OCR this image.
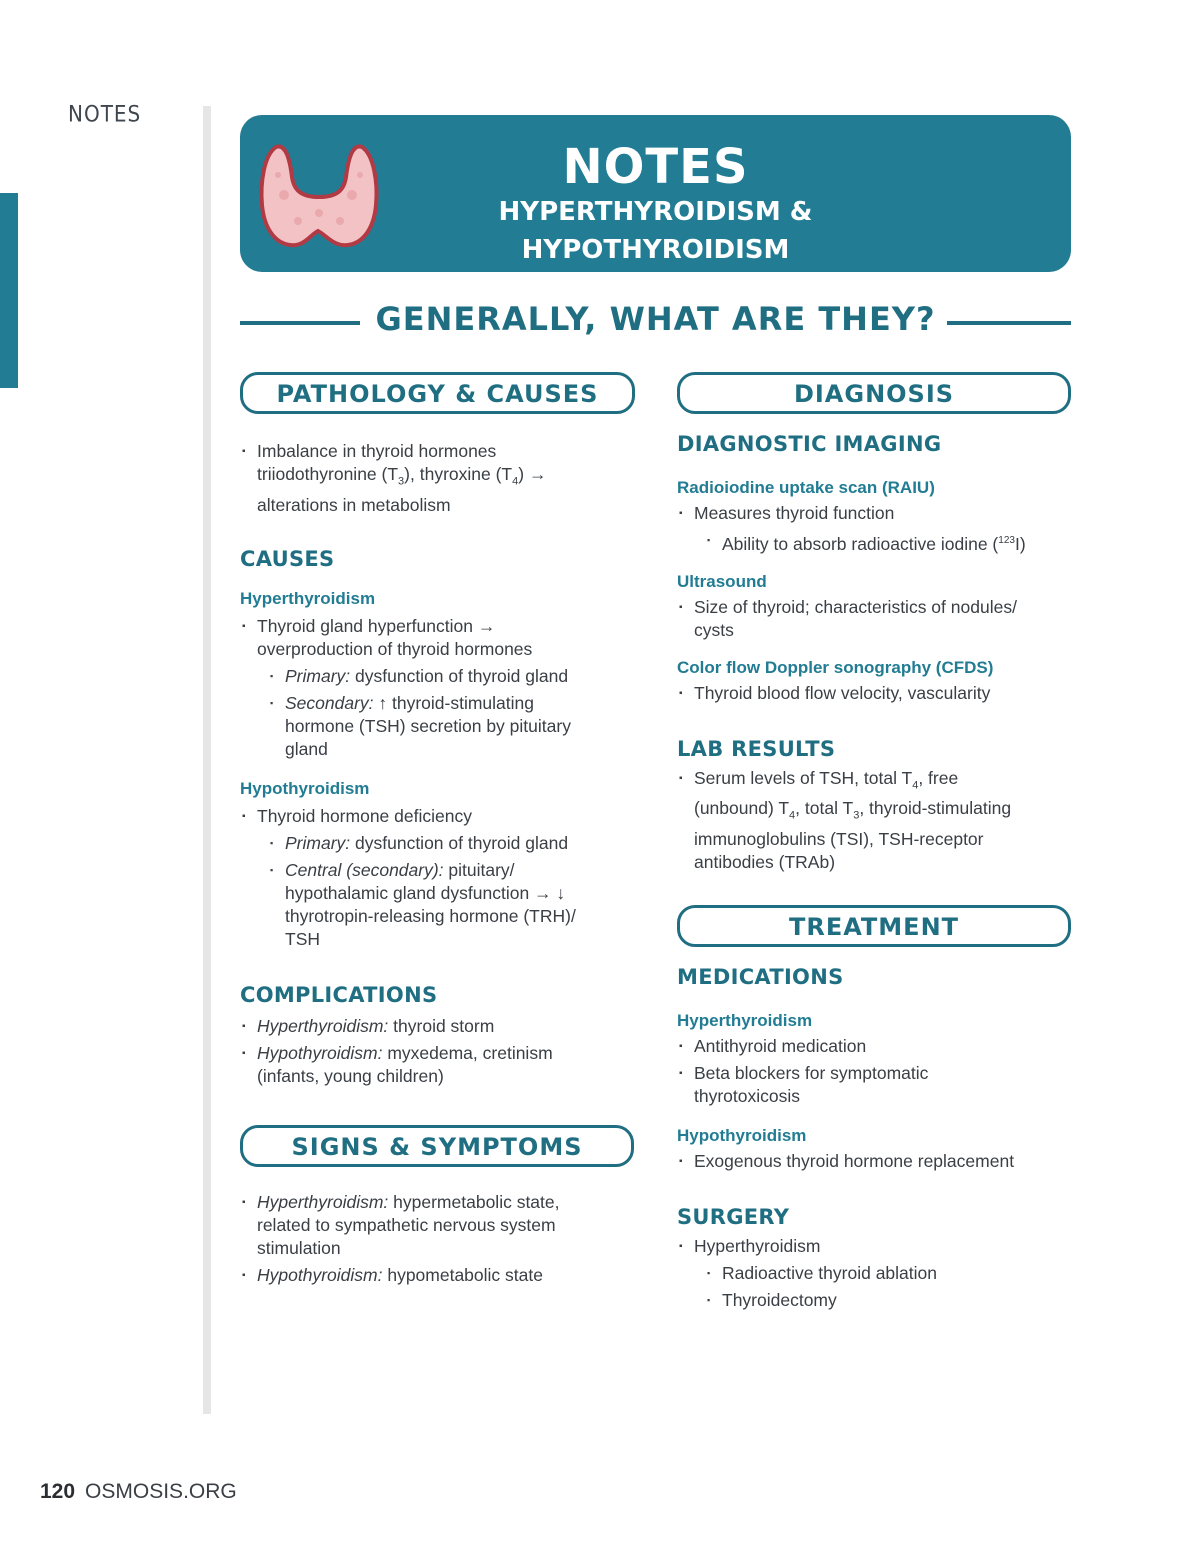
NOTES
NOTES
HYPERTHYROIDISM &
HYPOTHYROIDISM
GENERALLY, WHAT ARE THEY?
PATHOLOGY & CAUSES	DIAGNOSIS
SIGNS & SYMPTOMS
TREATMENT
▪ Imbalance in thyroid hormones
triiodothyronine $(T_3)$, thyroxine $(T_4)$ →
alterations in metabolism
CAUSES
Hyperthyroidism
▪ Thyroid gland hyperfunction →
overproduction of thyroid hormones
▪ Primary: dysfunction of thyroid gland
▪ Secondary: ↑ thyroid-stimulating
hormone (TSH) secretion by pituitary
gland
Hypothyroidism
▪ Thyroid hormone deficiency
▪ Primary: dysfunction of thyroid gland
▪ Central (secondary): pituitary/
hypothalamic gland dysfunction → ↓
thyrotropin-releasing hormone (TRH)/
TSH
COMPLICATIONS
▪ Hyperthyroidism: thyroid storm
▪ Hypothyroidism: myxedema, cretinism
(infants, young children)
▪ Hyperthyroidism: hypermetabolic state,
related to sympathetic nervous system
stimulation
▪ Hypothyroidism: hypometabolic state
DIAGNOSTIC IMAGING
Radioiodine uptake scan (RAIU)
▪ Measures thyroid function
▪ Ability to absorb radioactive iodine ($^{123}$I)
Ultrasound
▪ Size of thyroid; characteristics of nodules/
cysts
Color flow Doppler sonography (CFDS)
▪ Thyroid blood flow velocity, vascularity
LAB RESULTS
▪ Serum levels of TSH, total $T_4$, free
(unbound) $T_4$, total $T_3$, thyroid-stimulating
immunoglobulins (TSI), TSH-receptor
antibodies (TRAb)
MEDICATIONS
Hyperthyroidism
▪ Antithyroid medication
▪ Beta blockers for symptomatic
thyrotoxicosis
Hypothyroidism
▪ Exogenous thyroid hormone replacement
SURGERY
▪ Hyperthyroidism
▪ Radioactive thyroid ablation
▪ Thyroidectomy
120 OSMOSIS.ORG
